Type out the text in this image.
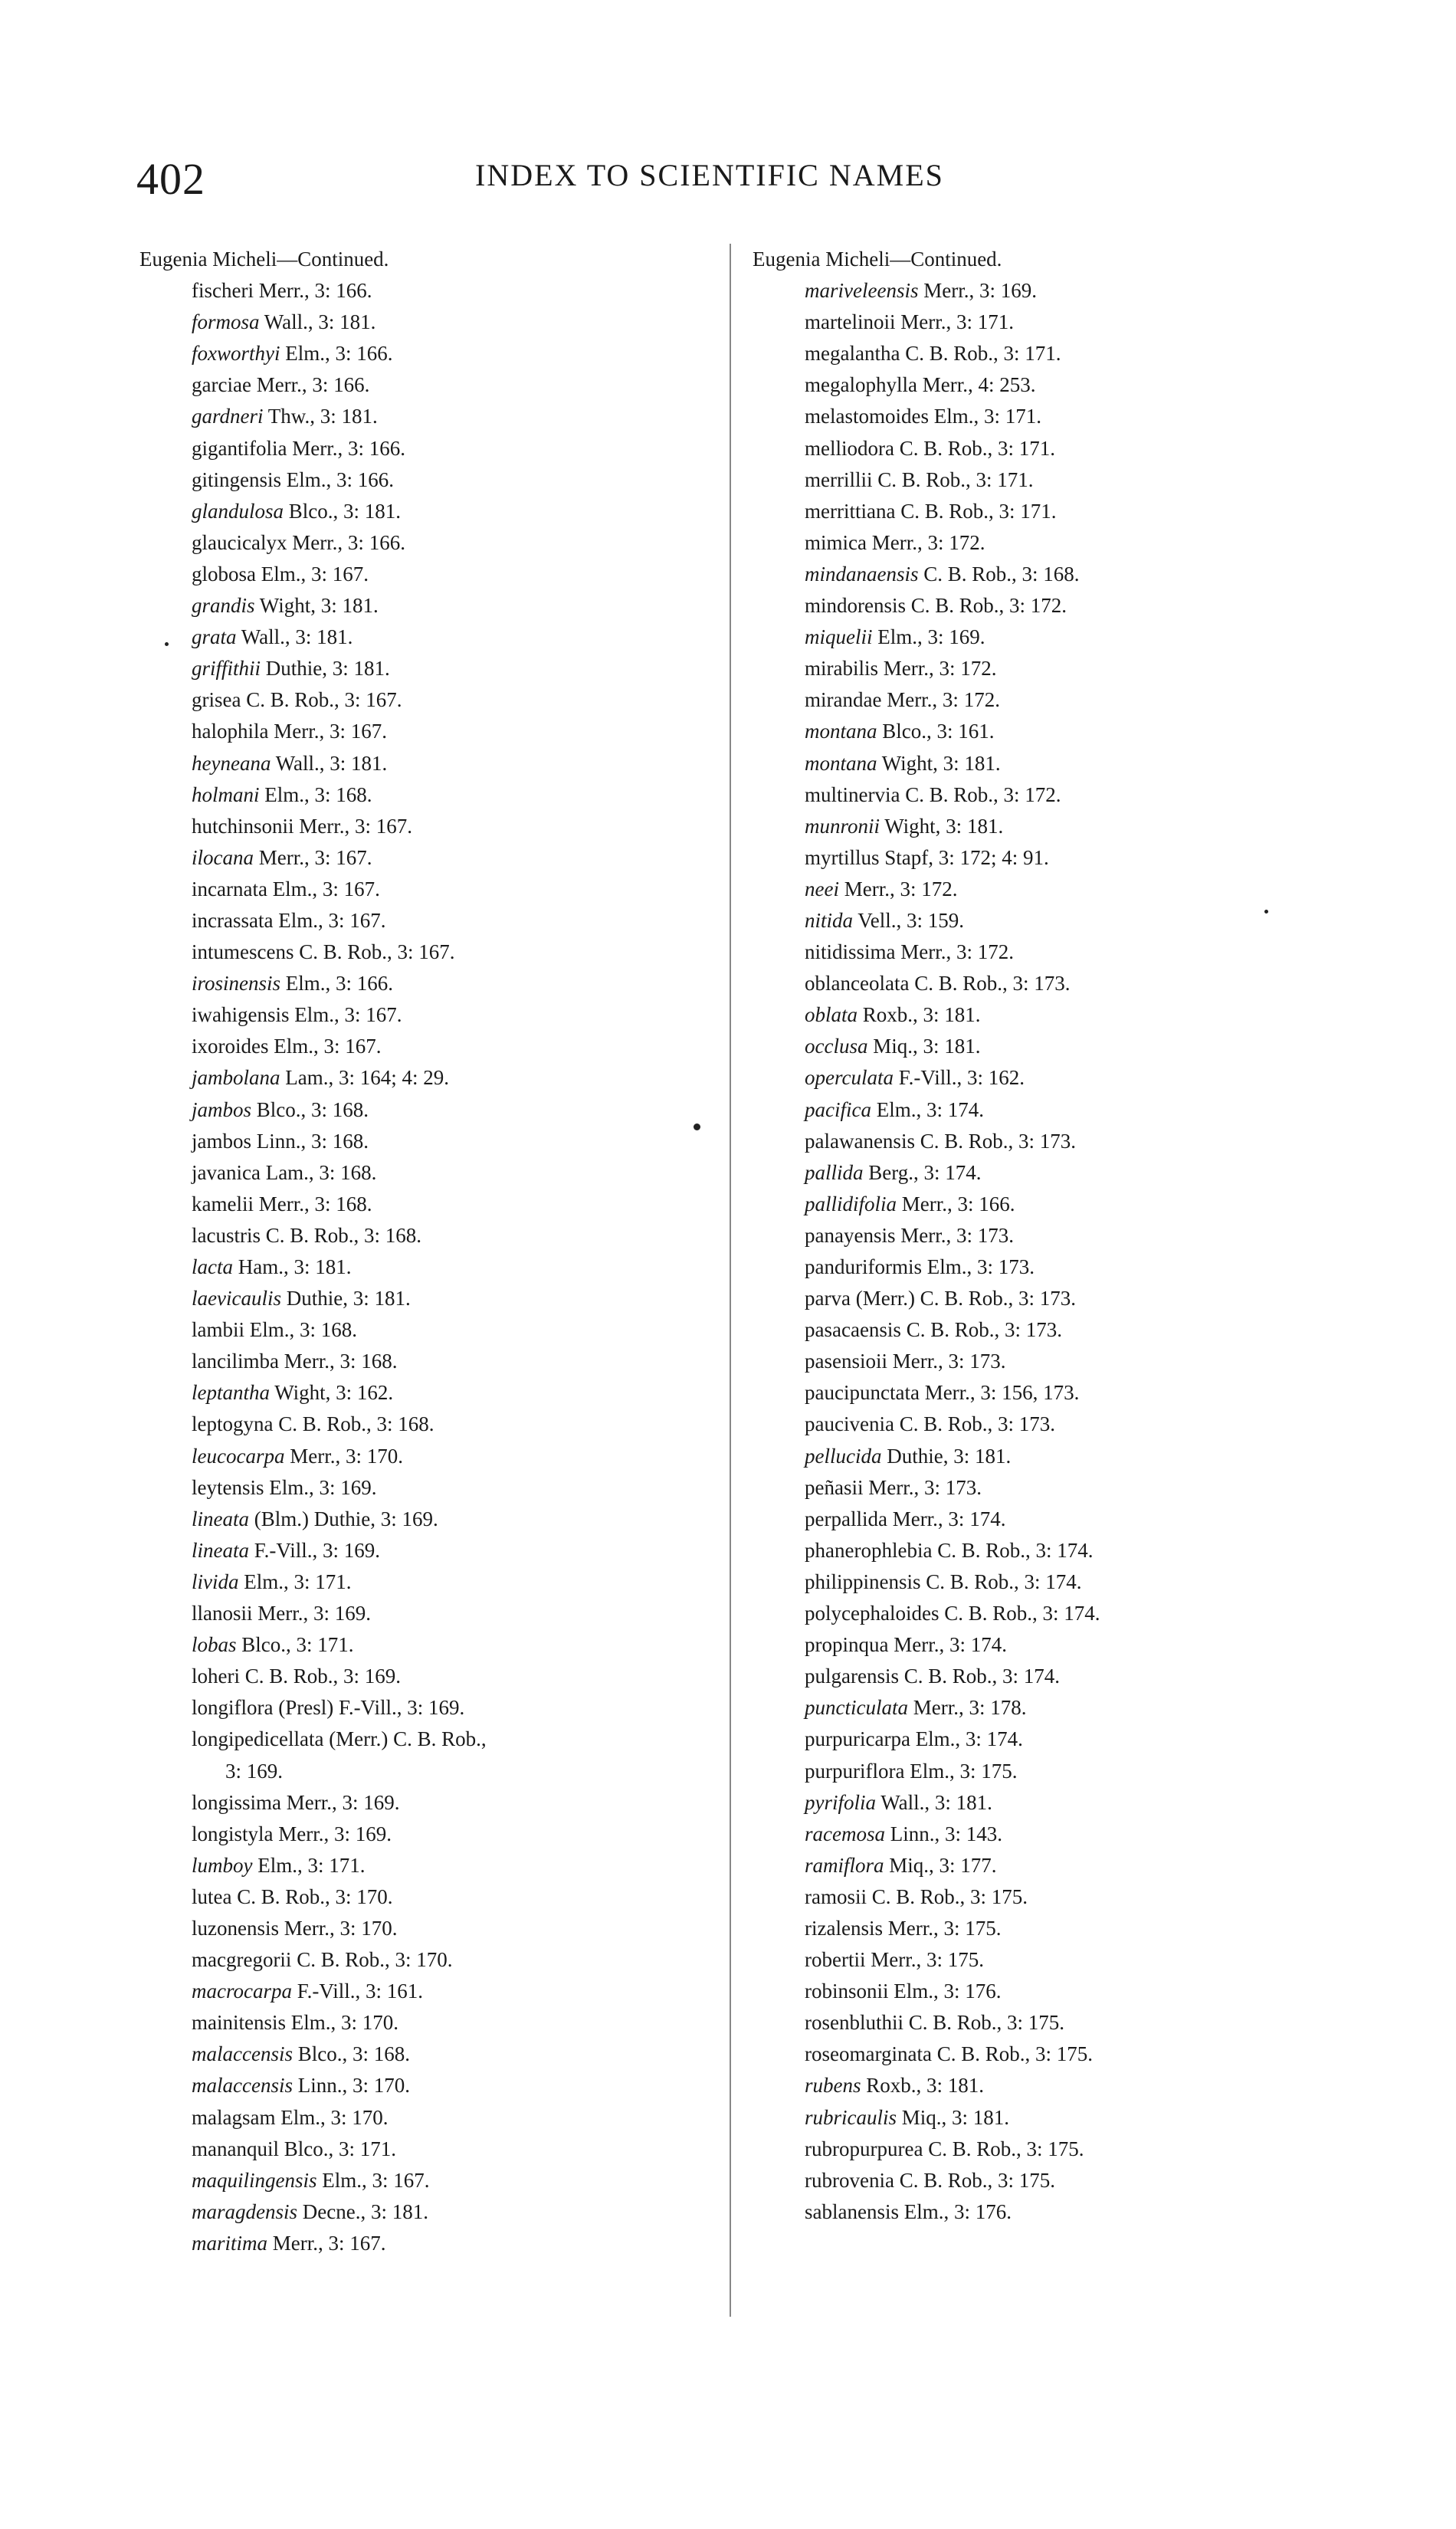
402	INDEX TO SCIENTIFIC NAMES
Eugenia Micheli—Continued.
fischeri Merr., 3: 166.
formosa Wall., 3: 181.
foxworthyi Elm., 3: 166.
garciae Merr., 3: 166.
gardneri Thw., 3: 181.
gigantifolia Merr., 3: 166.
gitingensis Elm., 3: 166.
glandulosa Blco., 3: 181.
glaucicalyx Merr., 3: 166.
globosa Elm., 3: 167.
grandis Wight, 3: 181.
grata Wall., 3: 181.
griffithii Duthie, 3: 181.
grisea C. B. Rob., 3: 167.
halophila Merr., 3: 167.
heyneana Wall., 3: 181.
holmani Elm., 3: 168.
hutchinsonii Merr., 3: 167.
ilocana Merr., 3: 167.
incarnata Elm., 3: 167.
incrassata Elm., 3: 167.
intumescens C. B. Rob., 3: 167.
irosinensis Elm., 3: 166.
iwahigensis Elm., 3: 167.
ixoroides Elm., 3: 167.
jambolana Lam., 3: 164; 4: 29.
jambos Blco., 3: 168.
jambos Linn., 3: 168.
javanica Lam., 3: 168.
kamelii Merr., 3: 168.
lacustris C. B. Rob., 3: 168.
lacta Ham., 3: 181.
laevicaulis Duthie, 3: 181.
lambii Elm., 3: 168.
lancilimba Merr., 3: 168.
leptantha Wight, 3: 162.
leptogyna C. B. Rob., 3: 168.
leucocarpa Merr., 3: 170.
leytensis Elm., 3: 169.
lineata (Blm.) Duthie, 3: 169.
lineata F.-Vill., 3: 169.
livida Elm., 3: 171.
llanosii Merr., 3: 169.
lobas Blco., 3: 171.
loheri C. B. Rob., 3: 169.
longiflora (Presl) F.-Vill., 3: 169.
longipedicellata (Merr.) C. B. Rob.,
3: 169.
longissima Merr., 3: 169.
longistyla Merr., 3: 169.
lumboy Elm., 3: 171.
lutea C. B. Rob., 3: 170.
luzonensis Merr., 3: 170.
macgregorii C. B. Rob., 3: 170.
macrocarpa F.-Vill., 3: 161.
mainitensis Elm., 3: 170.
malaccensis Blco., 3: 168.
malaccensis Linn., 3: 170.
malagsam Elm., 3: 170.
mananquil Blco., 3: 171.
maquilingensis Elm., 3: 167.
maragdensis Decne., 3: 181.
maritima Merr., 3: 167.
Eugenia Micheli—Continued.
mariveleensis Merr., 3: 169.
martelinoii Merr., 3: 171.
megalantha C. B. Rob., 3: 171.
megalophylla Merr., 4: 253.
melastomoides Elm., 3: 171.
melliodora C. B. Rob., 3: 171.
merrillii C. B. Rob., 3: 171.
merrittiana C. B. Rob., 3: 171.
mimica Merr., 3: 172.
mindanaensis C. B. Rob., 3: 168.
mindorensis C. B. Rob., 3: 172.
miquelii Elm., 3: 169.
mirabilis Merr., 3: 172.
mirandae Merr., 3: 172.
montana Blco., 3: 161.
montana Wight, 3: 181.
multinervia C. B. Rob., 3: 172.
munronii Wight, 3: 181.
myrtillus Stapf, 3: 172; 4: 91.
neei Merr., 3: 172.
nitida Vell., 3: 159.
nitidissima Merr., 3: 172.
oblanceolata C. B. Rob., 3: 173.
oblata Roxb., 3: 181.
occlusa Miq., 3: 181.
operculata F.-Vill., 3: 162.
pacifica Elm., 3: 174.
palawanensis C. B. Rob., 3: 173.
pallida Berg., 3: 174.
pallidifolia Merr., 3: 166.
panayensis Merr., 3: 173.
panduriformis Elm., 3: 173.
parva (Merr.) C. B. Rob., 3: 173.
pasacaensis C. B. Rob., 3: 173.
pasensioii Merr., 3: 173.
paucipunctata Merr., 3: 156, 173.
paucivenia C. B. Rob., 3: 173.
pellucida Duthie, 3: 181.
peñasii Merr., 3: 173.
perpallida Merr., 3: 174.
phanerophlebia C. B. Rob., 3: 174.
philippinensis C. B. Rob., 3: 174.
polycephaloides C. B. Rob., 3: 174.
propinqua Merr., 3: 174.
pulgarensis C. B. Rob., 3: 174.
puncticulata Merr., 3: 178.
purpuricarpa Elm., 3: 174.
purpuriflora Elm., 3: 175.
pyrifolia Wall., 3: 181.
racemosa Linn., 3: 143.
ramiflora Miq., 3: 177.
ramosii C. B. Rob., 3: 175.
rizalensis Merr., 3: 175.
robertii Merr., 3: 175.
robinsonii Elm., 3: 176.
rosenbluthii C. B. Rob., 3: 175.
roseomarginata C. B. Rob., 3: 175.
rubens Roxb., 3: 181.
rubricaulis Miq., 3: 181.
rubropurpurea C. B. Rob., 3: 175.
rubrovenia C. B. Rob., 3: 175.
sablanensis Elm., 3: 176.
